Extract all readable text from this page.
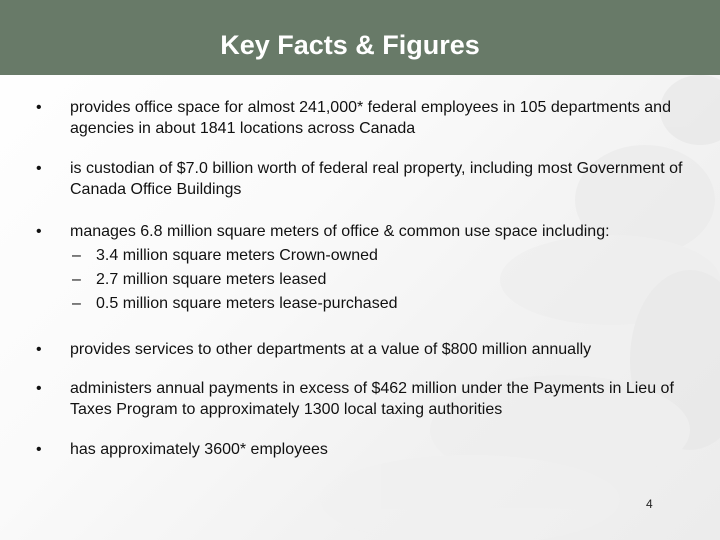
Key Facts & Figures
•	provides office space for almost 241,000* federal employees in 105 departments and agencies in about 1841 locations across Canada
•	is custodian of $7.0 billion worth of federal real property, including most Government of Canada Office Buildings
•	manages 6.8 million square meters of office & common use space including:
– 3.4 million square meters Crown-owned
– 2.7 million square meters leased
– 0.5 million square meters lease-purchased
•	provides services to other departments at a value of $800 million annually
•	administers annual payments in excess of $462 million under the Payments in Lieu of Taxes Program to approximately 1300 local taxing authorities
•	has approximately 3600* employees
4
